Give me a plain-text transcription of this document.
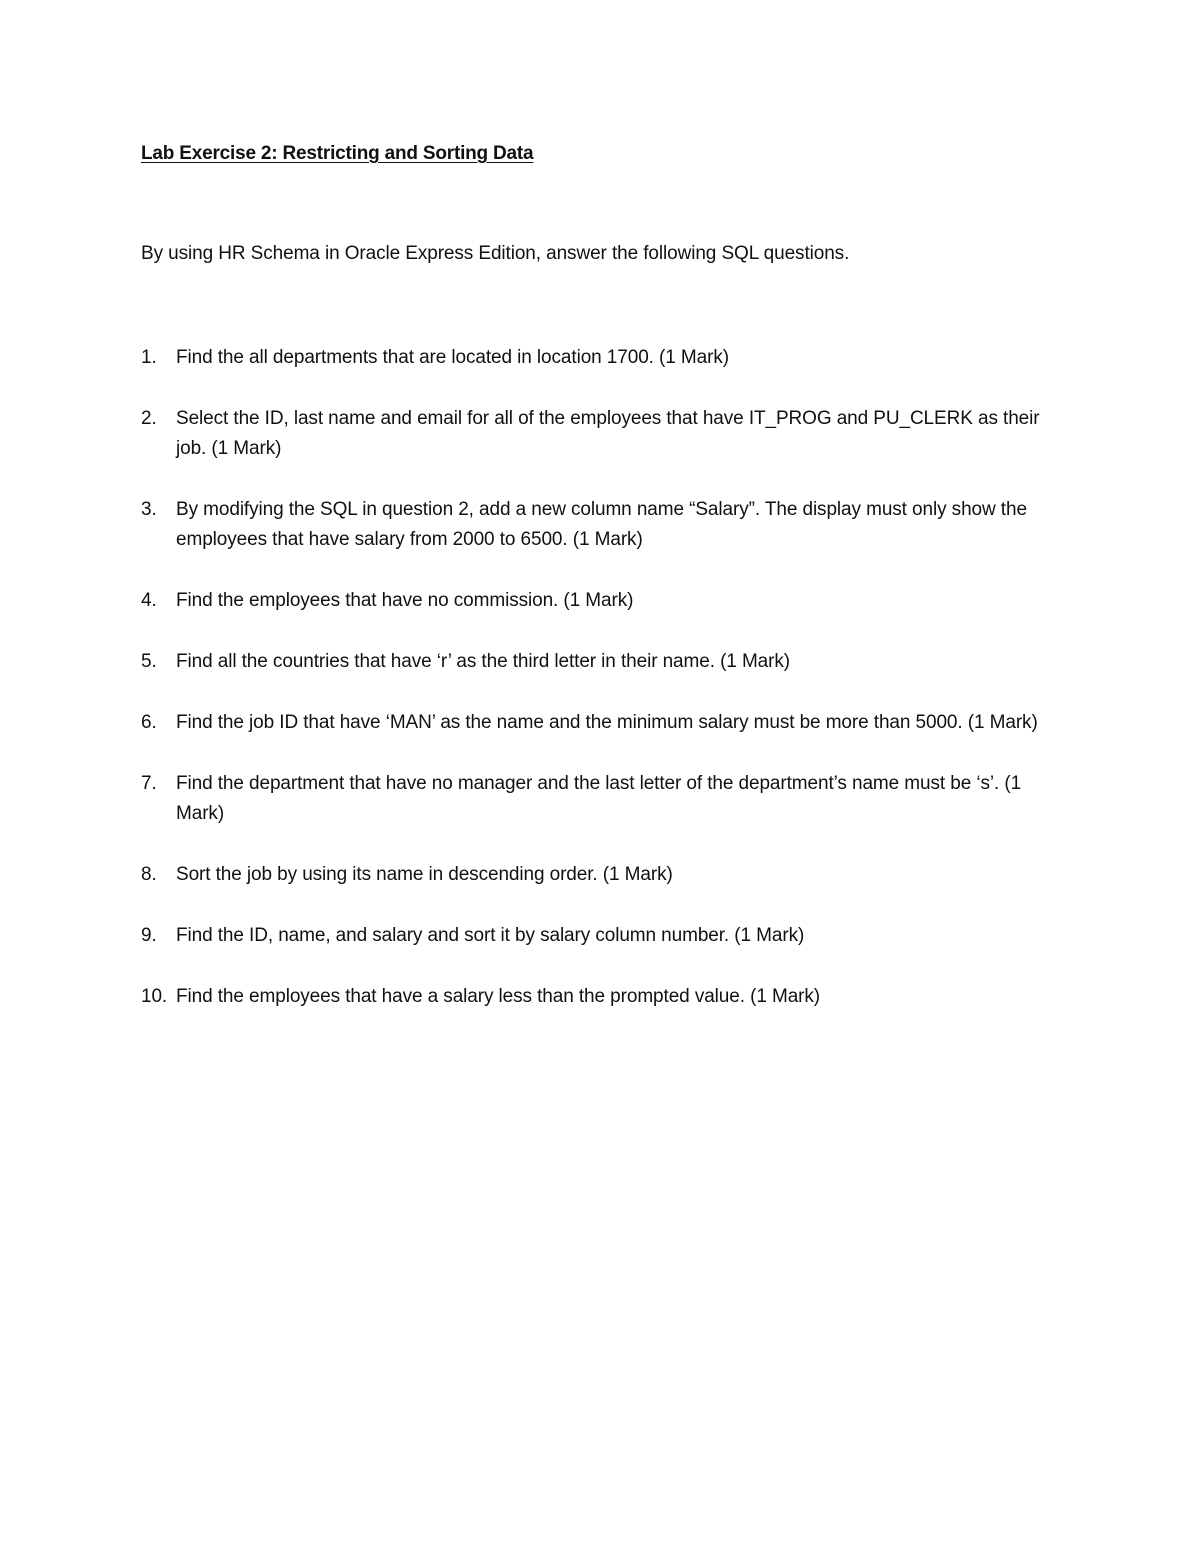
Lab Exercise 2: Restricting and Sorting Data
By using HR Schema in Oracle Express Edition, answer the following SQL questions.
1. Find the all departments that are located in location 1700. (1 Mark)
2. Select the ID, last name and email for all of the employees that have IT_PROG and PU_CLERK as their job. (1 Mark)
3. By modifying the SQL in question 2, add a new column name “Salary”. The display must only show the employees that have salary from 2000 to 6500. (1 Mark)
4. Find the employees that have no commission. (1 Mark)
5. Find all the countries that have ‘r’ as the third letter in their name. (1 Mark)
6. Find the job ID that have ‘MAN’ as the name and the minimum salary must be more than 5000. (1 Mark)
7. Find the department that have no manager and the last letter of the department’s name must be ‘s’. (1 Mark)
8. Sort the job by using its name in descending order. (1 Mark)
9. Find the ID, name, and salary and sort it by salary column number. (1 Mark)
10. Find the employees that have a salary less than the prompted value. (1 Mark)
